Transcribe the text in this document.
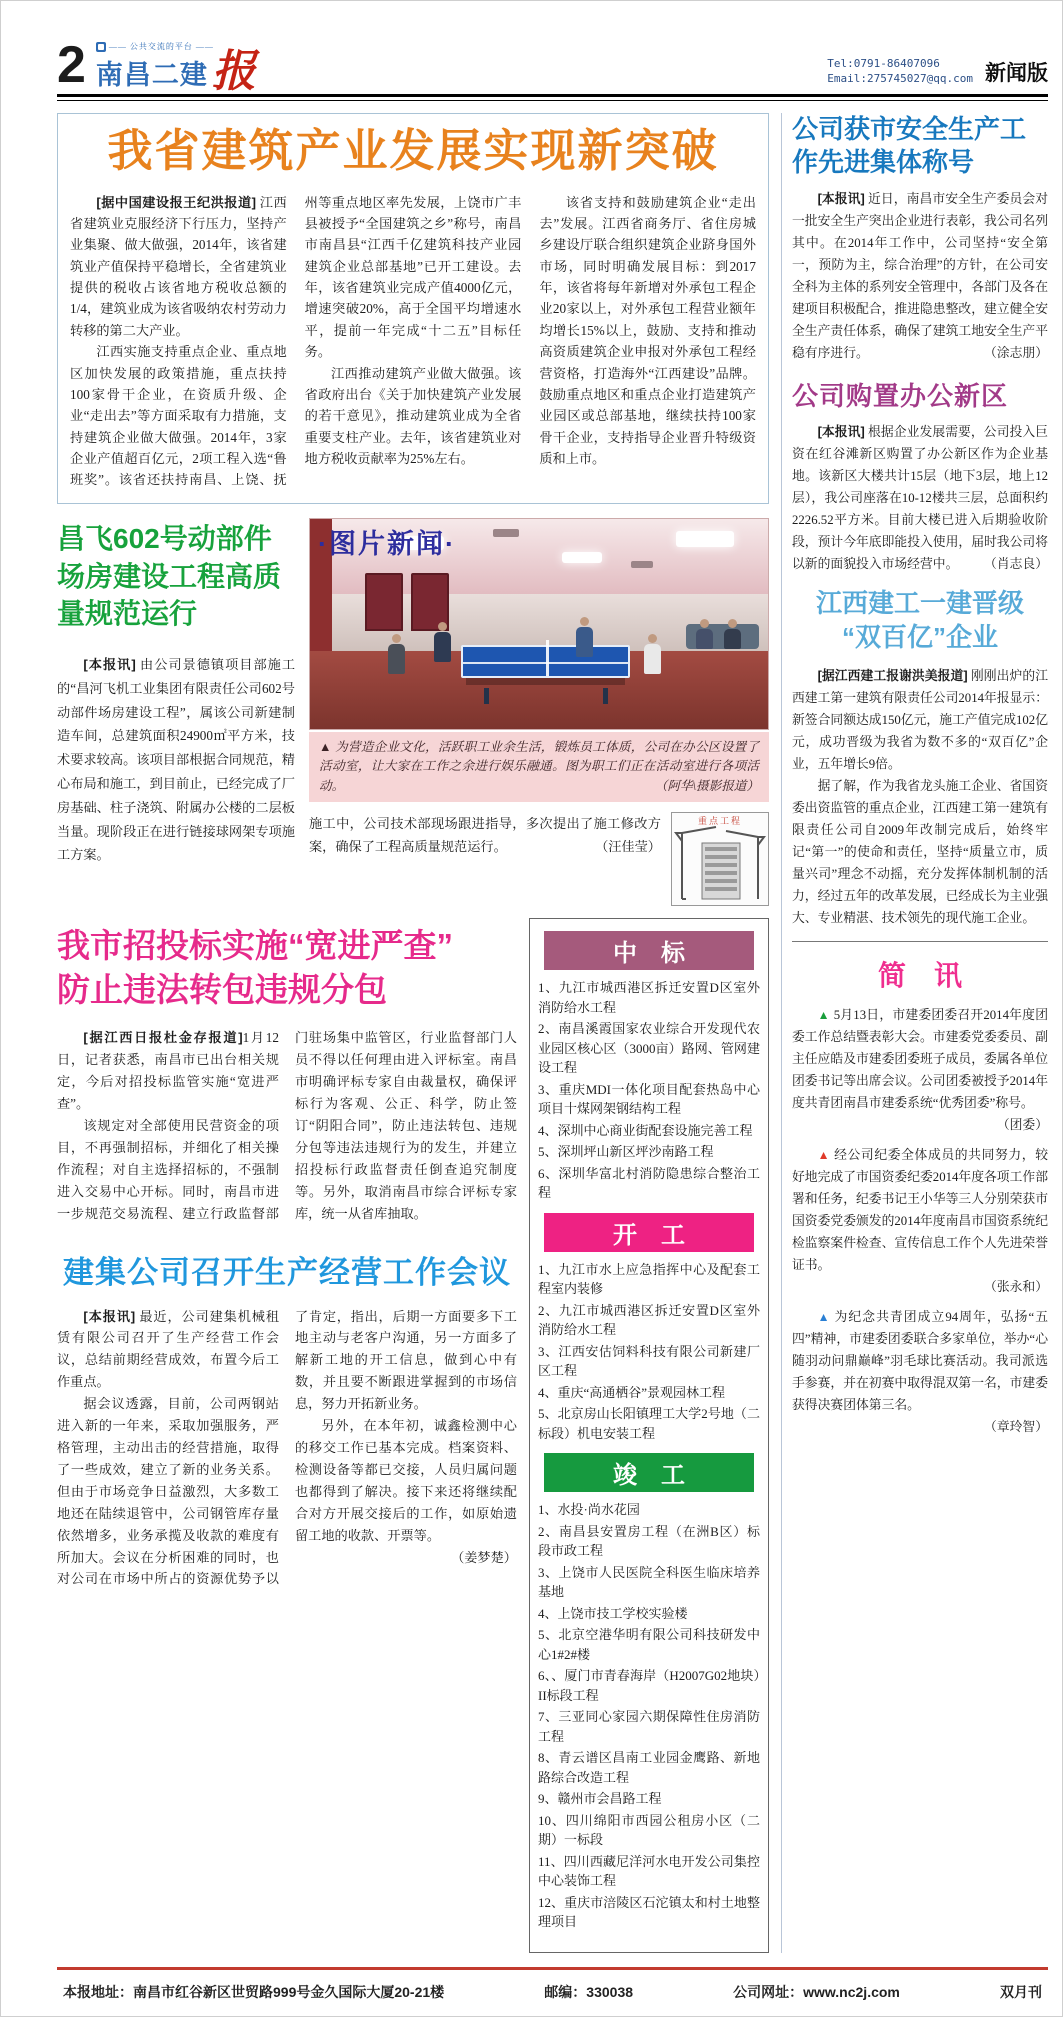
2	—— 公共交流的平台 ——
南昌二建 报	Tel:0791-86407096
Email:275745027@qq.com 新闻版
我省建筑产业发展实现新突破

[据中国建设报王纪洪报道] 江西省建筑业克服经济下行压力，坚持产业集聚、做大做强，2014年，该省建筑业产值保持平稳增长，全省建筑业提供的税收占该省地方税收总额的1/4，建筑业成为该省吸纳农村劳动力转移的第二大产业。

江西实施支持重点企业、重点地区加快发展的政策措施，重点扶持100家骨干企业，在资质升级、企业“走出去”等方面采取有力措施，支持建筑企业做大做强。2014年，3家企业产值超百亿元，2项工程入选“鲁班奖”。该省还扶持南昌、上饶、抚州等重点地区率先发展，上饶市广丰县被授予“全国建筑之乡”称号，南昌市南昌县“江西千亿建筑科技产业园建筑企业总部基地”已开工建设。去年，该省建筑业完成产值4000亿元，增速突破20%，高于全国平均增速水平，提前一年完成“十二五”目标任务。

江西推动建筑产业做大做强。该省政府出台《关于加快建筑产业发展的若干意见》，推动建筑业成为全省重要支柱产业。去年，该省建筑业对地方税收贡献率为25%左右。

该省支持和鼓励建筑企业“走出去”发展。江西省商务厅、省住房城乡建设厅联合组织建筑企业跻身国外市场，同时明确发展目标：到2017年，该省将每年新增对外承包工程企业20家以上，对外承包工程营业额年均增长15%以上，鼓励、支持和推动高资质建筑企业申报对外承包工程经营资格，打造海外“江西建设”品牌。鼓励重点地区和重点企业打造建筑产业园区或总部基地，继续扶持100家骨干企业，支持指导企业晋升特级资质和上市。

昌飞602号动部件场房建设工程高质量规范运行

[本报讯] 由公司景德镇项目部施工的“昌河飞机工业集团有限责任公司602号动部件场房建设工程”，属该公司新建制造车间，总建筑面积24900㎡平方米，技术要求较高。该项目部根据合同规范，精心布局和施工，到目前止，已经完成了厂房基础、柱子浇筑、附属办公楼的二层板当量。现阶段正在进行链接球网架专项施工方案。

·图片新闻·
▲ 为营造企业文化，活跃职工业余生活，锻炼员工体质，公司在办公区设置了活动室，让大家在工作之余进行娱乐融通。图为职工们正在活动室进行各项活动。	（阿华\摄影报道）

施工中，公司技术部现场跟进指导，多次提出了施工修改方案，确保了工程高质量规范运行。	（汪佳莹）

重点工程
我市招投标实施“宽进严查”
防止违法转包违规分包

[据江西日报杜金存报道]1月12日，记者获悉，南昌市已出台相关规定，今后对招投标监管实施“宽进严查”。

该规定对全部使用民营资金的项目，不再强制招标，并细化了相关操作流程；对自主选择招标的，不强制进入交易中心开标。同时，南昌市进一步规范交易流程、建立行政监督部门驻场集中监管区，行业监督部门人员不得以任何理由进入评标室。南昌市明确评标专家自由裁量权，确保评标行为客观、公正、科学，防止签订“阴阳合同”，防止违法转包、违规分包等违法违规行为的发生，并建立招投标行政监督责任倒查追究制度等。另外，取消南昌市综合评标专家库，统一从省库抽取。

建集公司召开生产经营工作会议

[本报讯] 最近，公司建集机械租赁有限公司召开了生产经营工作会议，总结前期经营成效，布置今后工作重点。

据会议透露，目前，公司两钢站进入新的一年来，采取加强服务，严格管理，主动出击的经营措施，取得了一些成效，建立了新的业务关系。但由于市场竞争日益激烈，大多数工地还在陆续退管中，公司钢管库存量依然增多，业务承揽及收款的难度有所加大。会议在分析困难的同时，也对公司在市场中所占的资源优势予以了肯定，指出，后期一方面要多下工地主动与老客户沟通，另一方面多了解新工地的开工信息，做到心中有数，并且要不断跟进掌握到的市场信息，努力开拓新业务。

另外，在本年初，诚鑫检测中心的移交工作已基本完成。档案资料、检测设备等都已交接，人员归属问题也都得到了解决。接下来还将继续配合对方开展交接后的工作，如原始遗留工地的收款、开票等。
（姜梦楚）

中　标
1、九江市城西港区拆迁安置D区室外消防给水工程
2、南昌溪霞国家农业综合开发现代农业园区核心区（3000亩）路网、管网建设工程
3、重庆MDI一体化项目配套热岛中心项目十煤网架钢结构工程
4、深圳中心商业街配套设施完善工程
5、深圳坪山新区坪沙南路工程
6、深圳华富北村消防隐患综合整治工程
开　工
1、九江市水上应急指挥中心及配套工程室内装修
2、九江市城西港区拆迁安置D区室外消防给水工程
3、江西安估饲料科技有限公司新建厂区工程
4、重庆“高通栖谷”景观园林工程
5、北京房山长阳镇理工大学2号地（二标段）机电安装工程
竣　工
1、水投·尚水花园
2、南昌县安置房工程（在洲B区）标段市政工程
3、上饶市人民医院全科医生临床培养基地
4、上饶市技工学校实验楼
5、北京空港华明有限公司科技研发中心1#2#楼
6、、厦门市青春海岸（H2007G02地块）II标段工程
7、三亚同心家园六期保障性住房消防工程
8、青云谱区昌南工业园金鹰路、新地路综合改造工程
9、赣州市会昌路工程
10、四川绵阳市西园公租房小区（二期）一标段
11、四川西藏尼洋河水电开发公司集控中心装饰工程
12、重庆市涪陵区石沱镇太和村土地整理项目
公司获市安全生产工作先进集体称号

[本报讯] 近日，南昌市安全生产委员会对一批安全生产突出企业进行表彰，我公司名列其中。在2014年工作中，公司坚持“安全第一，预防为主，综合治理”的方针，在公司安全科为主体的系列安全管理中，各部门及各在建项目积极配合，推进隐患整改，建立健全安全生产责任体系，确保了建筑工地安全生产平稳有序进行。	（涂志朋）

公司购置办公新区

[本报讯] 根据企业发展需要，公司投入巨资在红谷滩新区购置了办公新区作为企业基地。该新区大楼共计15层（地下3层，地上12层），我公司座落在10-12楼共三层，总面积约2226.52平方米。目前大楼已进入后期验收阶段，预计今年底即能投入使用，届时我公司将以新的面貌投入市场经营中。	（肖志良）

江西建工一建晋级
“双百亿”企业

[据江西建工报谢洪美报道] 刚刚出炉的江西建工第一建筑有限责任公司2014年报显示：新签合同额达成150亿元，施工产值完成102亿元，成功晋级为我省为数不多的“双百亿”企业，五年增长9倍。

据了解，作为我省龙头施工企业、省国资委出资监管的重点企业，江西建工第一建筑有限责任公司自2009年改制完成后，始终牢记“第一”的使命和责任，坚持“质量立市，质量兴司”理念不动摇，充分发挥体制机制的活力，经过五年的改革发展，已经成长为主业强大、专业精湛、技术领先的现代施工企业。

简　讯

▲ 5月13日，市建委团委召开2014年度团委工作总结暨表彰大会。市建委党委委员、副主任应皓及市建委团委班子成员，委属各单位团委书记等出席会议。公司团委被授予2014年度共青团南昌市建委系统“优秀团委”称号。
（团委）

▲ 经公司纪委全体成员的共同努力，较好地完成了市国资委纪委2014年度各项工作部署和任务，纪委书记王小华等三人分别荣获市国资委党委颁发的2014年度南昌市国资系统纪检监察案件检查、宣传信息工作个人先进荣誉证书。
（张永和）

▲ 为纪念共青团成立94周年，弘扬“五四”精神，市建委团委联合多家单位，举办“心随羽动问鼎巅峰”羽毛球比赛活动。我司派选手参赛，并在初赛中取得混双第一名，市建委获得决赛团体第三名。
（章玲智）

本报地址：南昌市红谷新区世贸路999号金久国际大厦20-21楼	邮编：330038	公司网址：www.nc2j.com	双月刊
